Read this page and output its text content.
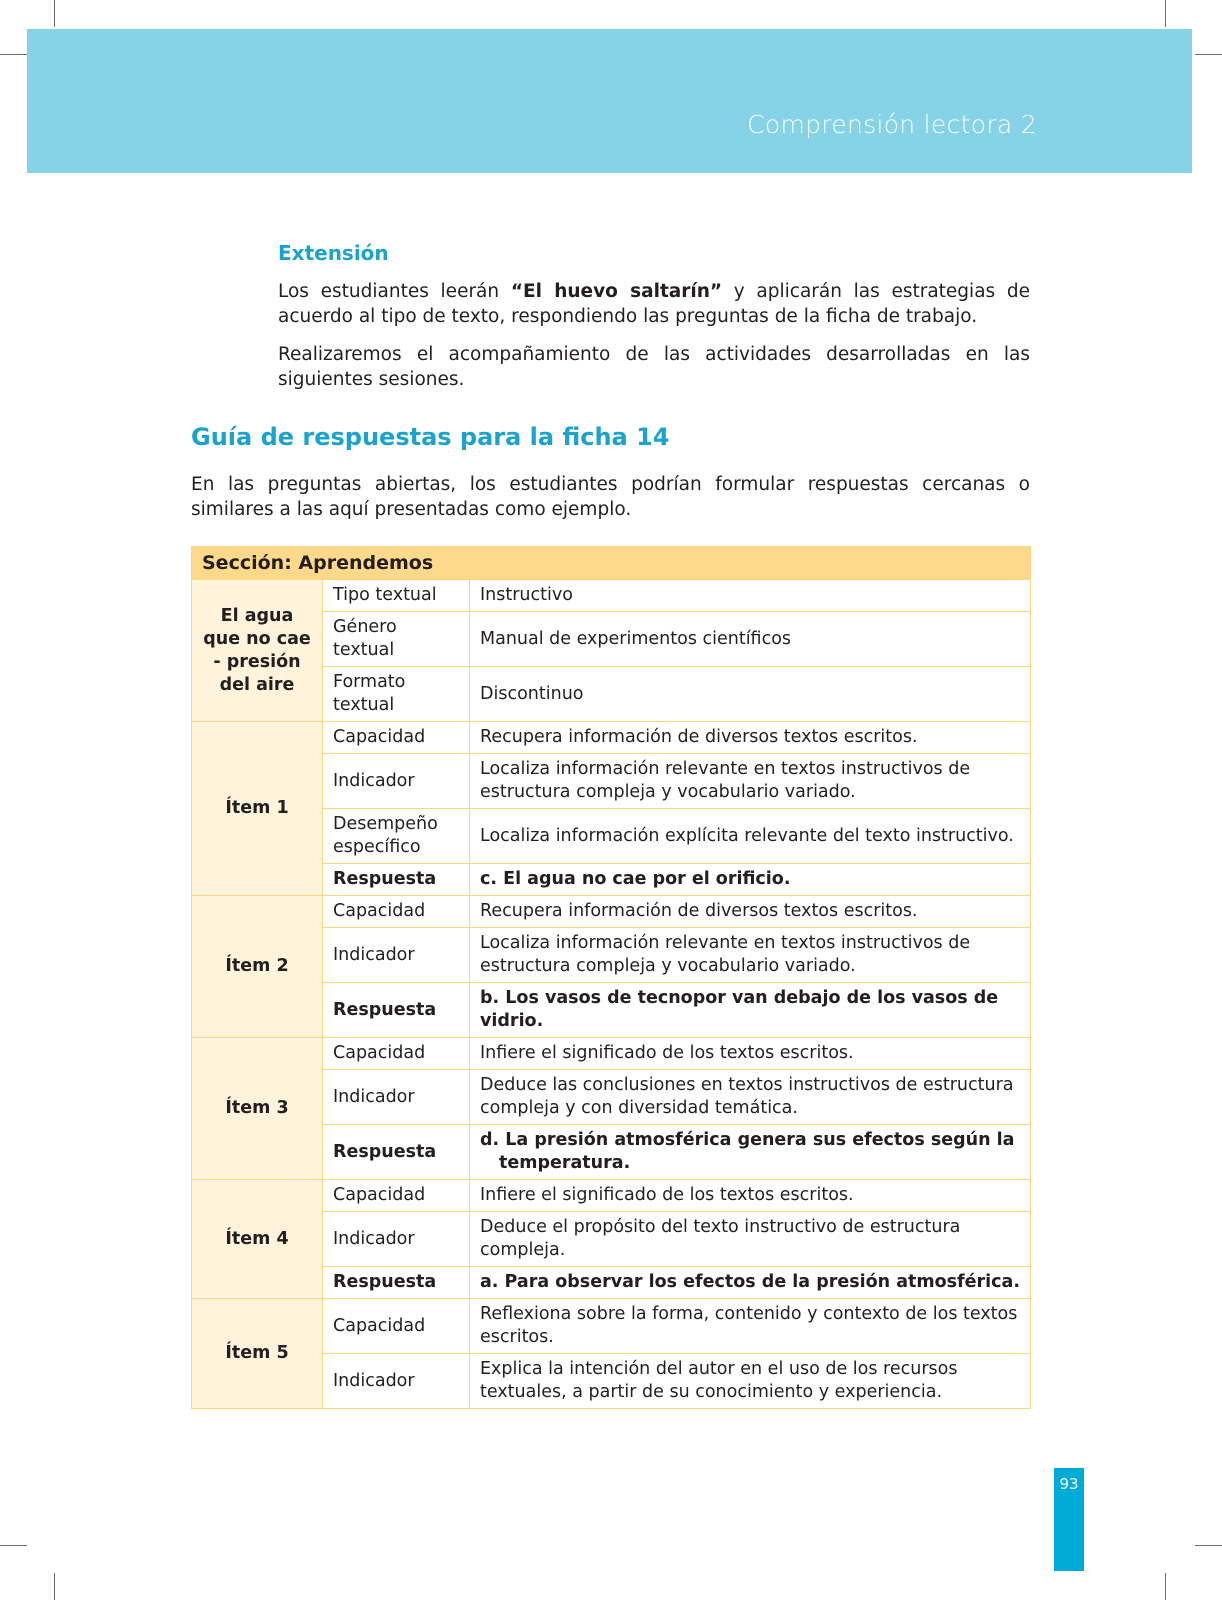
Comprensión lectora 2
Extensión

Los estudiantes leerán “El huevo saltarín” y aplicarán las estrategias de acuerdo al tipo de texto, respondiendo las preguntas de la ficha de trabajo.

Realizaremos el acompañamiento de las actividades desarrolladas en las siguientes sesiones.

Guía de respuestas para la ficha 14

En las preguntas abiertas, los estudiantes podrían formular respuestas cercanas o similares a las aquí presentadas como ejemplo.

Sección: Aprendemos		
El agua que no cae - presión del aire	Tipo textual	Instructivo
	Género textual	Manual de experimentos científicos
	Formato textual	Discontinuo
Ítem 1	Capacidad	Recupera información de diversos textos escritos.
	Indicador	Localiza información relevante en textos instructivos de estructura compleja y vocabulario variado.
	Desempeño específico	Localiza información explícita relevante del texto instructivo.
	Respuesta	c. El agua no cae por el orificio.
Ítem 2	Capacidad	Recupera información de diversos textos escritos.
	Indicador	Localiza información relevante en textos instructivos de estructura compleja y vocabulario variado.
	Respuesta	b. Los vasos de tecnopor van debajo de los vasos de vidrio.
Ítem 3	Capacidad	Infiere el significado de los textos escritos.
	Indicador	Deduce las conclusiones en textos instructivos de estructura compleja y con diversidad temática.
	Respuesta	d. La presión atmosférica genera sus efectos según la temperatura.

Ítem 4	Capacidad	Infiere el significado de los textos escritos.
	Indicador	Deduce el propósito del texto instructivo de estructura compleja.
	Respuesta	a. Para observar los efectos de la presión atmosférica.
Ítem 5	Capacidad	Reflexiona sobre la forma, contenido y contexto de los textos escritos.
	Indicador	Explica la intención del autor en el uso de los recursos textuales, a partir de su conocimiento y experiencia.
93
